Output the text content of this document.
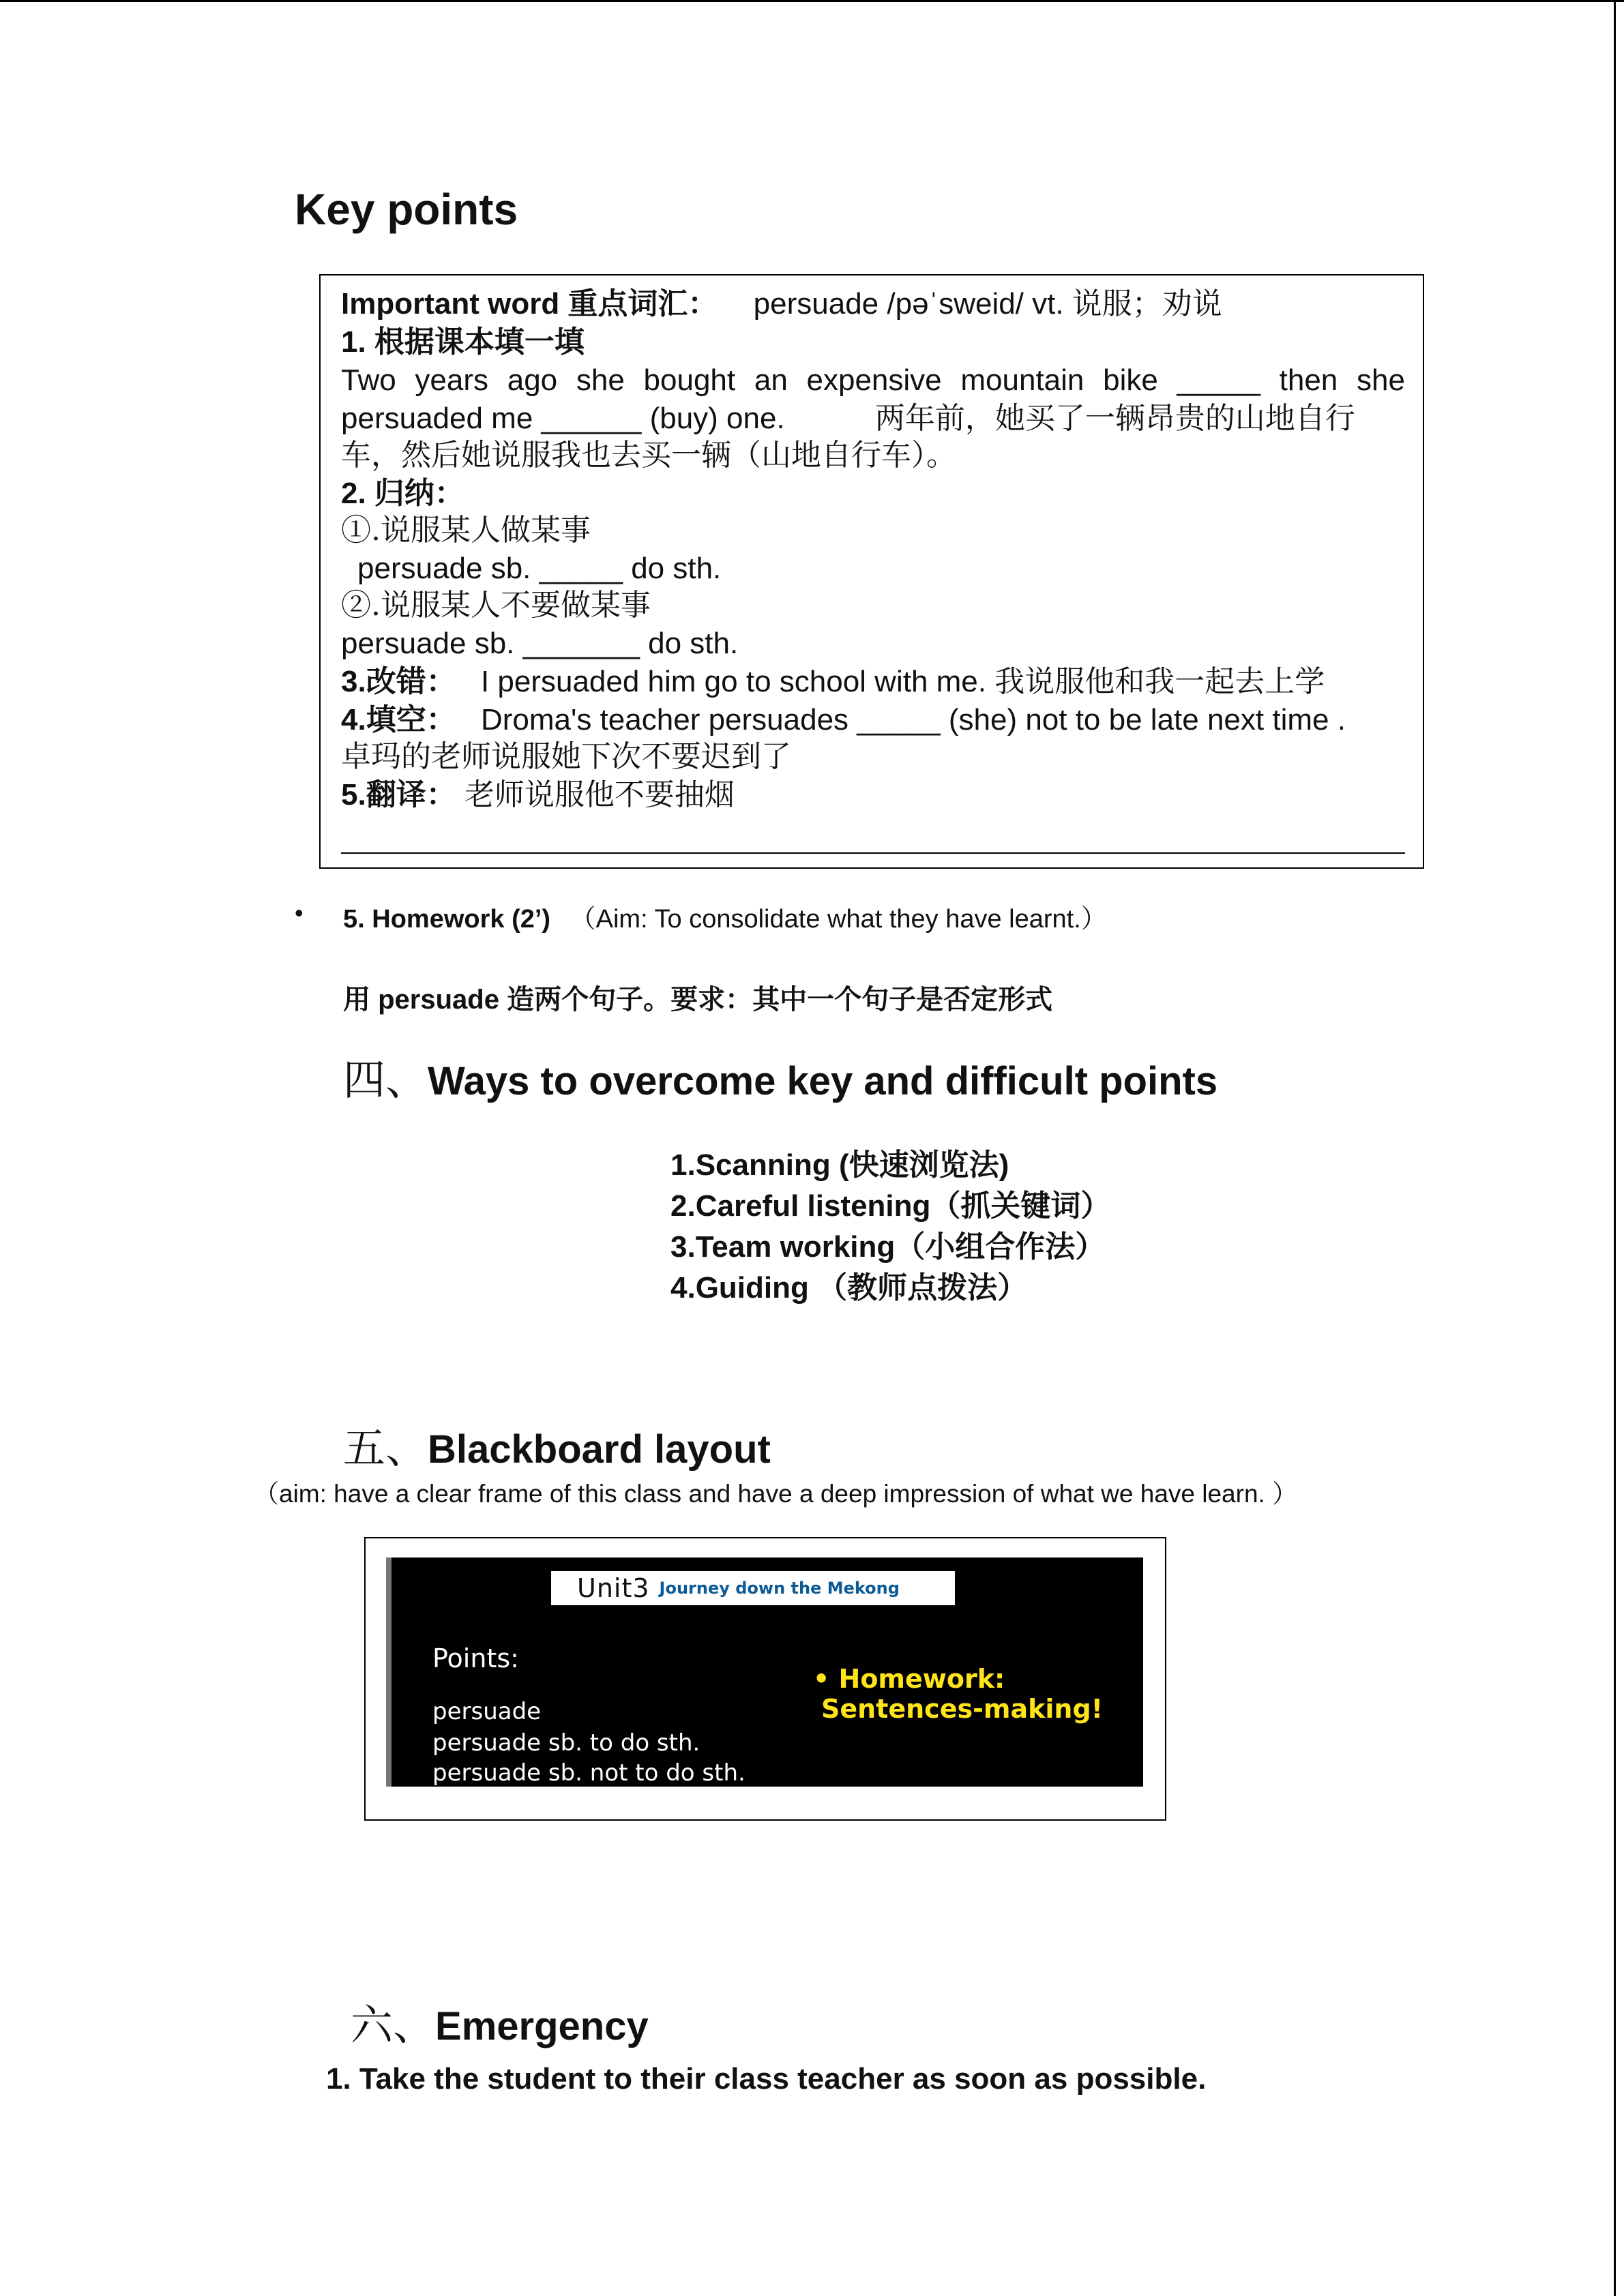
Key points
Important word 重点词汇： persuade /pəˈsweid/ vt. 说服；劝说
1. 根据课本填一填
Two years ago she bought an expensive mountain bike _____ then she
persuaded me ______ (buy) one.	两年前，她买了一辆昂贵的山地自行
车，然后她说服我也去买一辆（山地自行车）。
2. 归纳：
①.说服某人做某事
persuade sb. _____ do sth.
②.说服某人不要做某事
persuade sb. _______ do sth.
3.改错： I persuaded him go to school with me. 我说服他和我一起去上学
4.填空： Droma's teacher persuades _____ (she) not to be late next time .
卓玛的老师说服她下次不要迟到了
5.翻译： 老师说服他不要抽烟
• 5. Homework (2’) （Aim: To consolidate what they have learnt.）
用 persuade 造两个句子。要求：其中一个句子是否定形式
四、Ways to overcome key and difficult points
1.Scanning (快速浏览法)
2.Careful listening（抓关键词）
3.Team working（小组合作法）
4.Guiding （教师点拨法）
五、Blackboard layout
（aim: have a clear frame of this class and have a deep impression of what we have learn. ）
Unit3 Journey down the Mekong
Points:
persuade
persuade sb. to do sth.
persuade sb. not to do sth.
• Homework:
Sentences-making!
六、Emergency
1. Take the student to their class teacher as soon as possible.
